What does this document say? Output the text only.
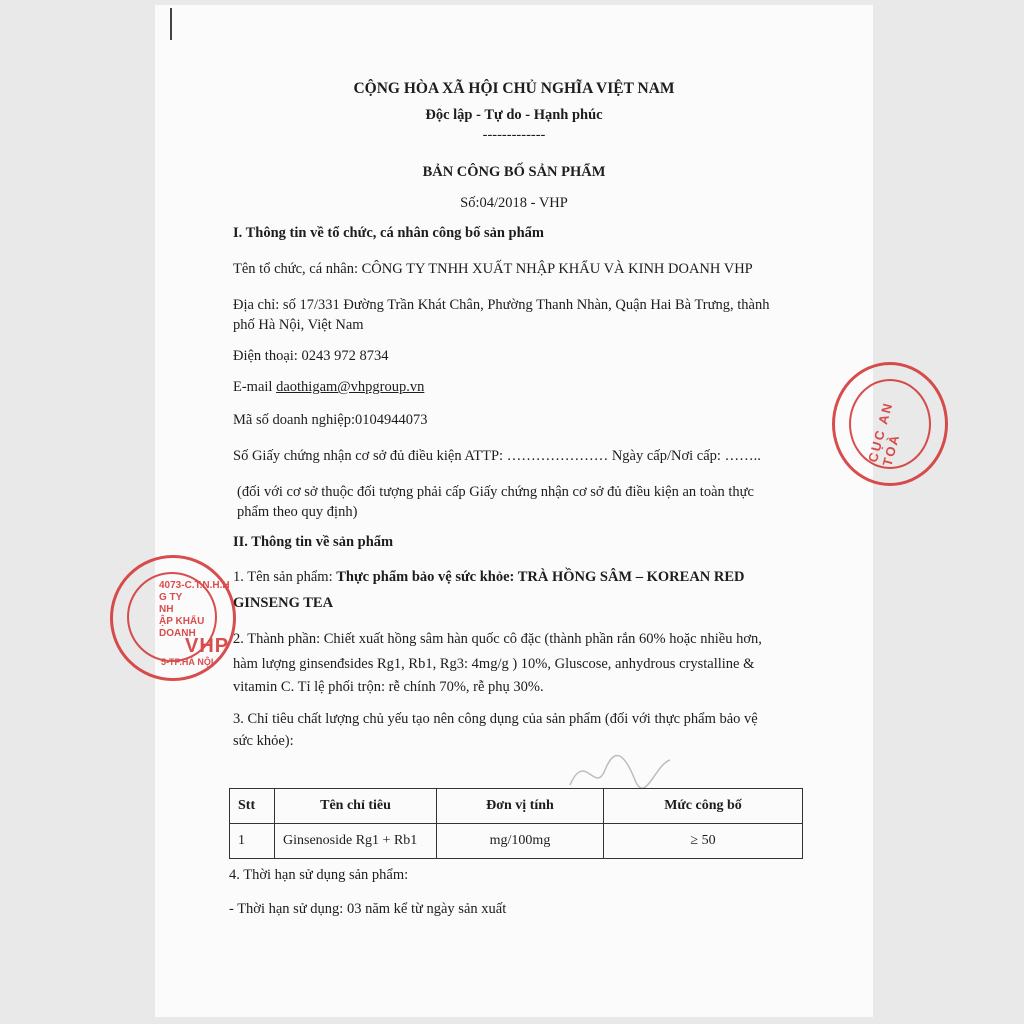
CỘNG HÒA XÃ HỘI CHỦ NGHĨA VIỆT NAM
Độc lập - Tự do - Hạnh phúc
-------------
BẢN CÔNG BỐ SẢN PHẨM
Số:04/2018 - VHP
I. Thông tin về tổ chức, cá nhân công bố sản phẩm
Tên tổ chức, cá nhân: CÔNG TY TNHH XUẤT NHẬP KHẨU VÀ KINH DOANH VHP
Địa chỉ: số 17/331 Đường Trần Khát Chân, Phường Thanh Nhàn, Quận Hai Bà Trưng, thành
phố Hà Nội, Việt Nam
Điện thoại: 0243 972 8734
E-mail daothigam@vhpgroup.vn
Mã số doanh nghiệp:0104944073
Số Giấy chứng nhận cơ sở đủ điều kiện ATTP: ………………… Ngày cấp/Nơi cấp: ……..
(đối với cơ sở thuộc đối tượng phải cấp Giấy chứng nhận cơ sở đủ điều kiện an toàn thực
phẩm theo quy định)
II. Thông tin về sản phẩm
1. Tên sản phẩm: Thực phẩm bảo vệ sức khỏe: TRÀ HỒNG SÂM – KOREAN RED
GINSENG TEA
2. Thành phần: Chiết xuất hồng sâm hàn quốc cô đặc (thành phần rắn 60% hoặc nhiều hơn,
hàm lượng ginsenđsides Rg1, Rb1, Rg3: 4mg/g ) 10%, Gluscose, anhydrous crystalline &
vitamin C. Tỉ lệ phối trộn: rễ chính 70%, rễ phụ 30%.
3. Chỉ tiêu chất lượng chủ yếu tạo nên công dụng của sản phẩm (đối với thực phẩm bảo vệ
sức khỏe):
Stt	Tên chỉ tiêu	Đơn vị tính	Mức công bố
1	Ginsenoside Rg1 + Rb1	mg/100mg	≥ 50
4. Thời hạn sử dụng sản phẩm:
- Thời hạn sử dụng: 03 năm kể từ ngày sản xuất
4073-C.T.N.H.H
G TY
NH
ẬP KHẨU
DOANH
VHP
5-TP.HÀ NỘI
CỤC AN TOÀ
